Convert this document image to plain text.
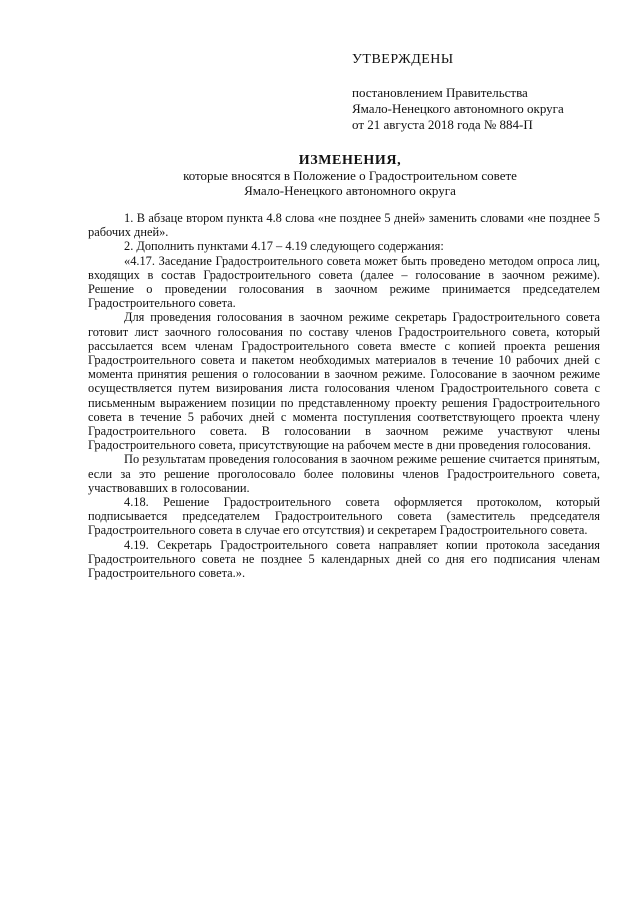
УТВЕРЖДЕНЫ
постановлением Правительства
Ямало-Ненецкого автономного округа
от 21 августа 2018 года № 884-П
ИЗМЕНЕНИЯ,
которые вносятся в Положение о Градостроительном совете
Ямало-Ненецкого автономного округа

1. В абзаце втором пункта 4.8 слова «не позднее 5 дней» заменить словами «не позднее 5 рабочих дней».

2. Дополнить пунктами 4.17 – 4.19 следующего содержания:

«4.17. Заседание Градостроительного совета может быть проведено методом опроса лиц, входящих в состав Градостроительного совета (далее – голосование в заочном режиме). Решение о проведении голосования в заочном режиме принимается председателем Градостроительного совета.

Для проведения голосования в заочном режиме секретарь Градостроительного совета готовит лист заочного голосования по составу членов Градостроительного совета, который рассылается всем членам Градостроительного совета вместе с копией проекта решения Градостроительного совета и пакетом необходимых материалов в течение 10 рабочих дней с момента принятия решения о голосовании в заочном режиме. Голосование в заочном режиме осуществляется путем визирования листа голосования членом Градостроительного совета с письменным выражением позиции по представленному проекту решения Градостроительного совета в течение 5 рабочих дней с момента поступления соответствующего проекта члену Градостроительного совета. В голосовании в заочном режиме участвуют члены Градостроительного совета, присутствующие на рабочем месте в дни проведения голосования.

По результатам проведения голосования в заочном режиме решение считается принятым, если за это решение проголосовало более половины членов Градостроительного совета, участвовавших в голосовании.

4.18. Решение Градостроительного совета оформляется протоколом, который подписывается председателем Градостроительного совета (заместитель председателя Градостроительного совета в случае его отсутствия) и секретарем Градостроительного совета.

4.19. Секретарь Градостроительного совета направляет копии протокола заседания Градостроительного совета не позднее 5 календарных дней со дня его подписания членам Градостроительного совета.».
